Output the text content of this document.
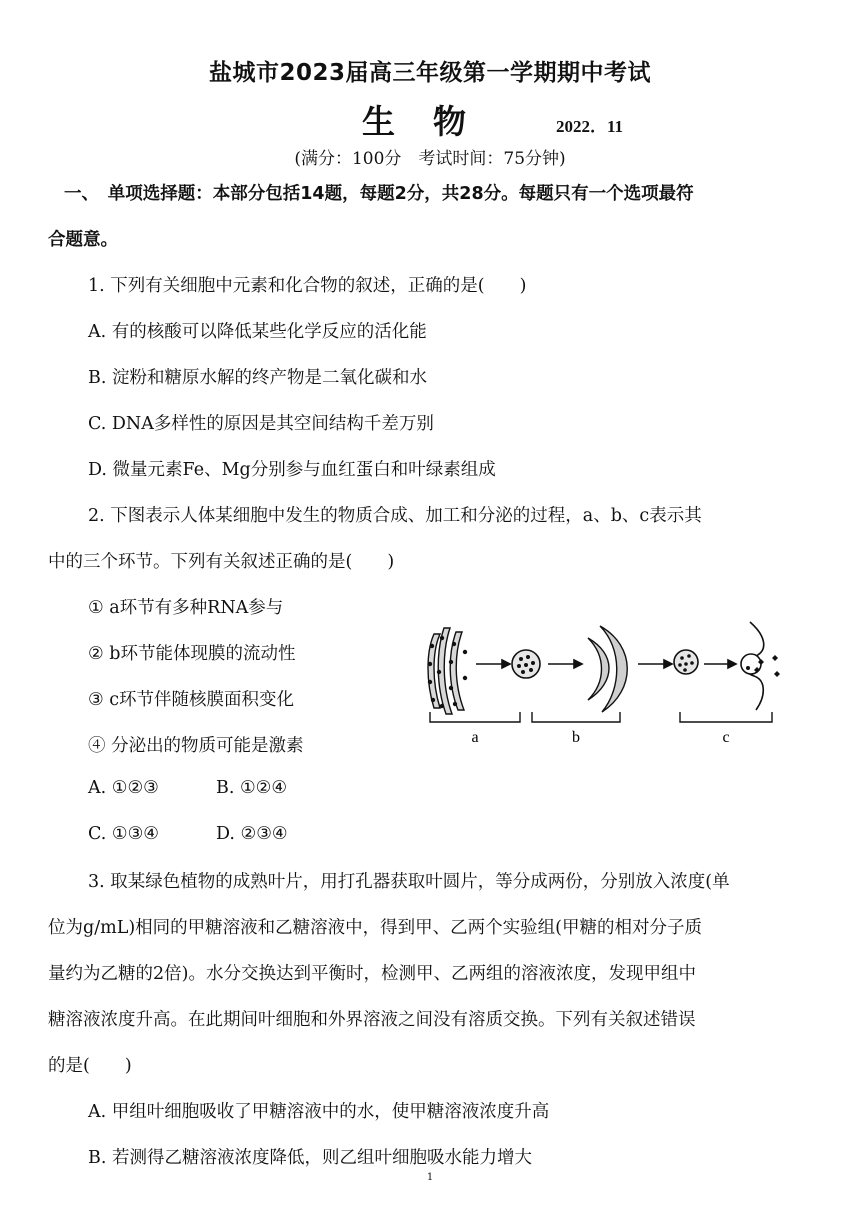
盐城市2023届高三年级第一学期期中考试
生物	2022．11
(满分：100分　考试时间：75分钟)
一、　单项选择题：本部分包括14题，每题2分，共28分。每题只有一个选项最符
合题意。
1. 下列有关细胞中元素和化合物的叙述，正确的是(　　)
A. 有的核酸可以降低某些化学反应的活化能
B. 淀粉和糖原水解的终产物是二氧化碳和水
C. DNA多样性的原因是其空间结构千差万别
D. 微量元素Fe、Mg分别参与血红蛋白和叶绿素组成
2. 下图表示人体某细胞中发生的物质合成、加工和分泌的过程，a、b、c表示其
中的三个环节。下列有关叙述正确的是(　　)
① a环节有多种RNA参与
② b环节能体现膜的流动性
③ c环节伴随核膜面积变化
④ 分泌出的物质可能是激素
A. ①②③	B. ①②④
C. ①③④	D. ②③④
a	b	c
3. 取某绿色植物的成熟叶片，用打孔器获取叶圆片，等分成两份，分别放入浓度(单
位为g/mL)相同的甲糖溶液和乙糖溶液中，得到甲、乙两个实验组(甲糖的相对分子质
量约为乙糖的2倍)。水分交换达到平衡时，检测甲、乙两组的溶液浓度，发现甲组中
糖溶液浓度升高。在此期间叶细胞和外界溶液之间没有溶质交换。下列有关叙述错误
的是(　　)
A. 甲组叶细胞吸收了甲糖溶液中的水，使甲糖溶液浓度升高
B. 若测得乙糖溶液浓度降低，则乙组叶细胞吸水能力增大
1
